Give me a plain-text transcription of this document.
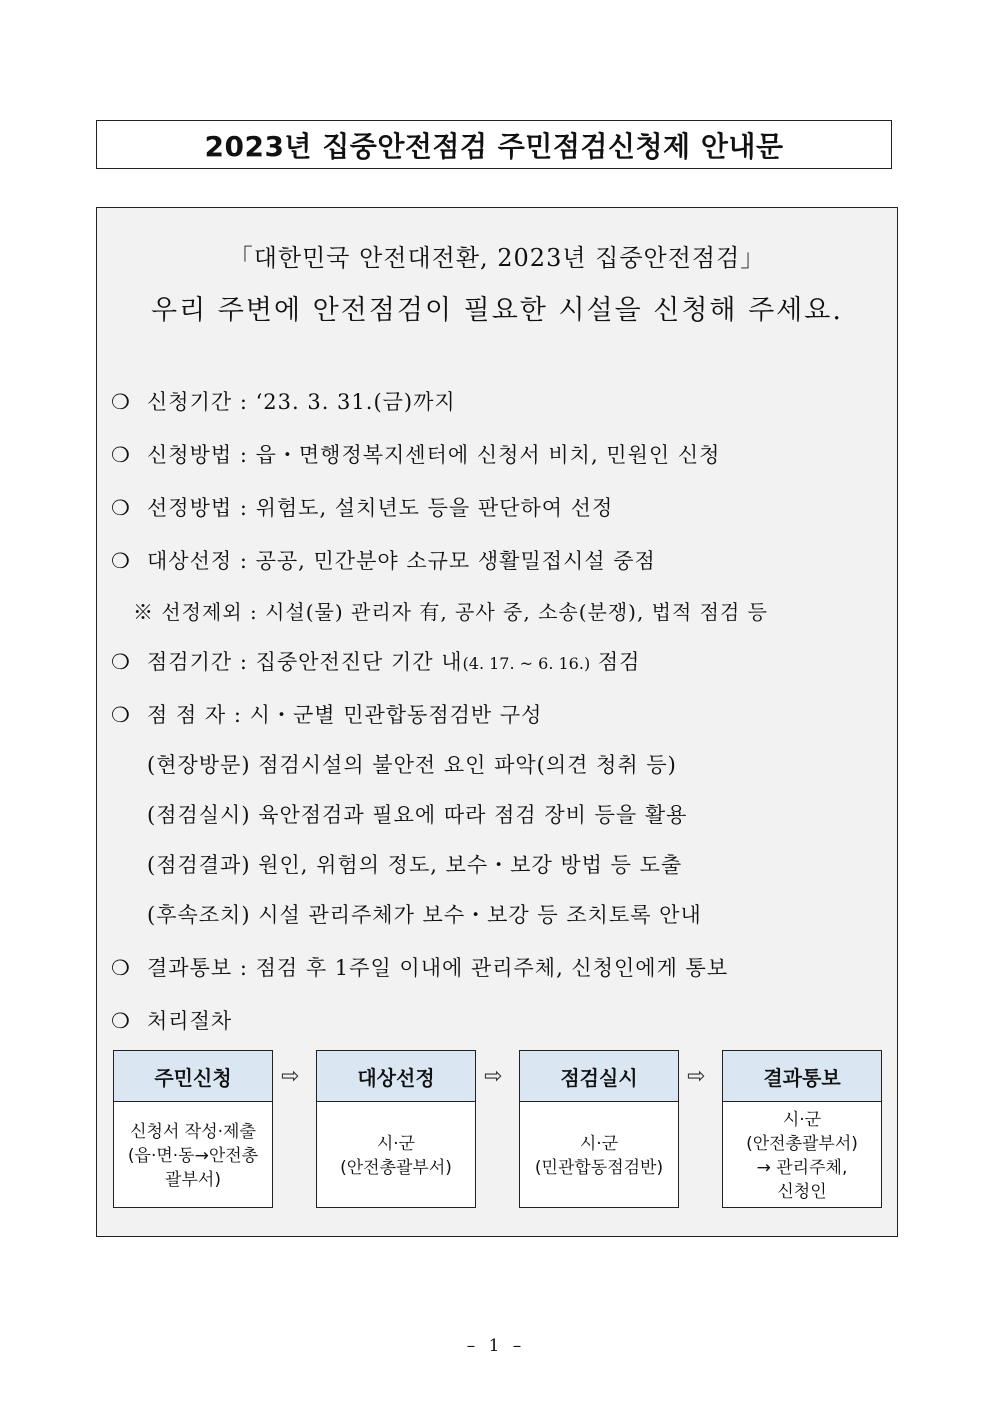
2023년 집중안전점검 주민점검신청제 안내문
「대한민국 안전대전환, 2023년 집중안전점검」
우리 주변에 안전점검이 필요한 시설을 신청해 주세요.
❍ 신청기간 : ‘23. 3. 31.(금)까지
❍ 신청방법 : 읍・면행정복지센터에 신청서 비치, 민원인 신청
❍ 선정방법 : 위험도, 설치년도 등을 판단하여 선정
❍ 대상선정 : 공공, 민간분야 소규모 생활밀접시설 중점
※ 선정제외 : 시설(물) 관리자 有, 공사 중, 소송(분쟁), 법적 점검 등
❍ 점검기간 : 집중안전진단 기간 내(4. 17. ~ 6. 16.) 점검
❍ 점 점 자 : 시・군별 민관합동점검반 구성
(현장방문) 점검시설의 불안전 요인 파악(의견 청취 등)
(점검실시) 육안점검과 필요에 따라 점검 장비 등을 활용
(점검결과) 원인, 위험의 정도, 보수・보강 방법 등 도출
(후속조치) 시설 관리주체가 보수・보강 등 조치토록 안내
❍ 결과통보 : 점검 후 1주일 이내에 관리주체, 신청인에게 통보
❍ 처리절차
주민신청
신청서 작성·제출
(읍·면·동→안전총
괄부서)
⇨	대상선정
시·군
(안전총괄부서)
⇨	점검실시
시·군
(민관합동점검반)
⇨	결과통보
시·군
(안전총괄부서)
→ 관리주체,
신청인
– 1 –
